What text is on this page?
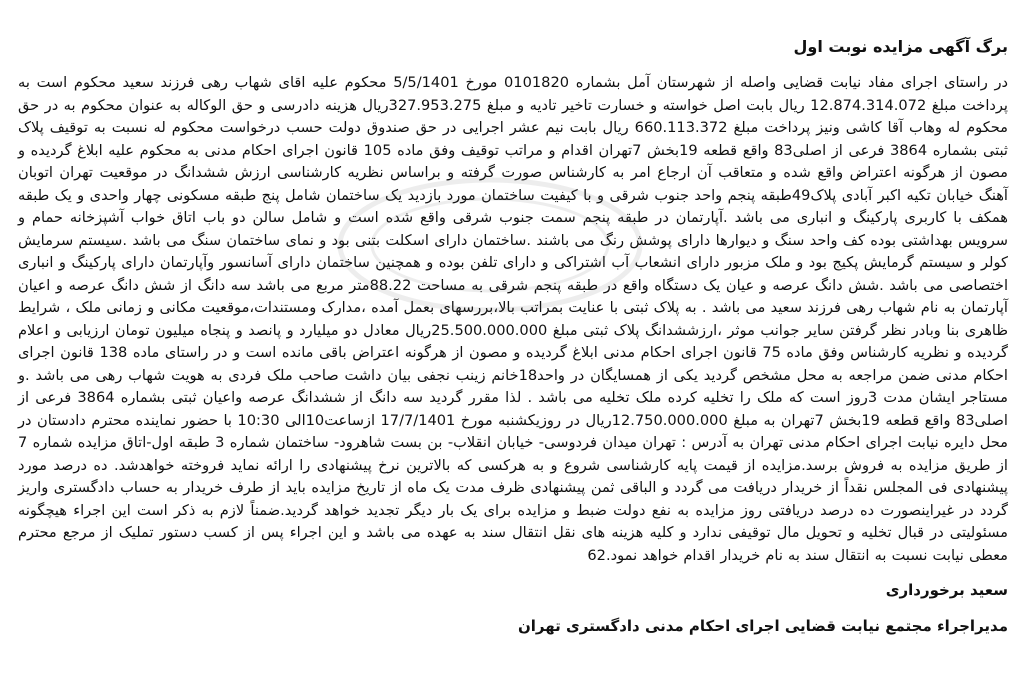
برگ آگهی مزایده نوبت اول

در راستای اجرای مفاد نیابت قضایی واصله از شهرستان آمل بشماره 0101820 مورخ 5/5/1401 محکوم علیه اقای شهاب رهی فرزند سعید محکوم است به پرداخت مبلغ 12.874.314.072 ریال بابت اصل خواسته و خسارت تاخیر تادیه و مبلغ 327.953.275ریال هزینه دادرسی و حق الوکاله به عنوان محکوم به در حق محکوم له وهاب آقا کاشی ونیز پرداخت مبلغ 660.113.372 ریال بابت نیم عشر اجرایی در حق صندوق دولت حسب درخواست محکوم له نسبت به توقیف پلاک ثبتی بشماره 3864 فرعی از اصلی83 واقع قطعه 19بخش 7تهران اقدام و مراتب توقیف وفق ماده 105 قانون اجرای احکام مدنی به محکوم علیه ابلاغ گردیده و مصون از هرگونه اعتراض واقع شده و متعاقب آن ارجاع امر به کارشناس صورت گرفته و براساس نظریه کارشناسی ارزش ششدانگ در موقعیت تهران اتوبان آهنگ خیابان تکیه اکبر آبادی پلاک49طبقه پنجم واحد جنوب شرقی و با کیفیت ساختمان مورد بازدید یک ساختمان شامل پنج طبقه مسکونی چهار واحدی و یک طبقه همکف با کاربری پارکینگ و انباری می باشد .آپارتمان در طبقه پنجم سمت جنوب شرقی واقع شده است و شامل سالن دو باب اتاق خواب آشپزخانه حمام و سرویس بهداشتی بوده کف واحد سنگ و دیوارها دارای پوشش رنگ می باشند .ساختمان دارای اسکلت بتنی بود و نمای ساختمان سنگ می باشد .سیستم سرمایش کولر و سیستم گرمایش پکیج بود و ملک مزبور دارای انشعاب آب اشتراکی و دارای تلفن بوده و همچنین ساختمان دارای آسانسور وآپارتمان دارای پارکینگ و انباری اختصاصی می باشد .شش دانگ عرصه و عیان یک دستگاه واقع در طبقه پنجم شرقی به مساحت 88.22متر مربع می باشد سه دانگ از شش دانگ عرصه و اعیان آپارتمان به نام شهاب رهی فرزند سعید می باشد . به پلاک ثبتی با عنایت بمراتب بالا،بررسهای بعمل آمده ،مدارک ومستندات،موقعیت مکانی و زمانی ملک ، شرایط ظاهری بنا وبادر نظر گرفتن سایر جوانب موثر ،ارزششدانگ پلاک ثبتی مبلغ 25.500.000.000ریال معادل دو میلیارد و پانصد و پنجاه میلیون تومان ارزیابی و اعلام گردیده و نظریه کارشناس وفق ماده 75 قانون اجرای احکام مدنی ابلاغ گردیده و مصون از هرگونه اعتراض باقی مانده است و در راستای ماده 138 قانون اجرای احکام مدنی ضمن مراجعه به محل مشخص گردید یکی از همسایگان در واحد18خانم زینب نجفی بیان داشت صاحب ملک فردی به هویت شهاب رهی می باشد .و مستاجر ایشان مدت 3روز است که ملک را تخلیه کرده ملک تخلیه می باشد . لذا مقرر گردید سه دانگ از ششدانگ عرصه واعیان ثبتی بشماره 3864 فرعی از اصلی83 واقع قطعه 19بخش 7تهران به مبلغ 12.750.000.000ریال در روزیکشنبه مورخ 17/7/1401 ازساعت10الی 10:30 با حضور نماینده محترم دادستان در محل دایره نیابت اجرای احکام مدنی تهران به آدرس : تهران میدان فردوسی- خیابان انقلاب- بن بست شاهرود- ساختمان شماره 3 طبقه اول-اتاق مزایده شماره 7 از طریق مزایده به فروش برسد.مزایده از قیمت پایه کارشناسی شروع و به هرکسی که بالاترین نرخ پیشنهادی را ارائه نماید فروخته خواهدشد. ده درصد مورد پیشنهادی فی المجلس نقداً از خریدار دریافت می گردد و الباقی ثمن پیشنهادی ظرف مدت یک ماه از تاریخ مزایده باید از طرف خریدار به حساب دادگستری واریز گردد در غیراینصورت ده درصد دریافتی روز مزایده به نفع دولت ضبط و مزایده برای یک بار دیگر تجدید خواهد گردید.ضمناً لازم به ذکر است این اجراء هیچگونه مسئولیتی در قبال تخلیه و تحویل مال توقیفی ندارد و کلیه هزینه های نقل انتقال سند به عهده می باشد و این اجراء پس از کسب دستور تملیک از مرجع محترم معطی نیابت نسبت به انتقال سند به نام خریدار اقدام خواهد نمود.62

سعید برخورداری
مدیراجراء مجتمع نیابت قضایی اجرای احکام مدنی دادگستری تهران
